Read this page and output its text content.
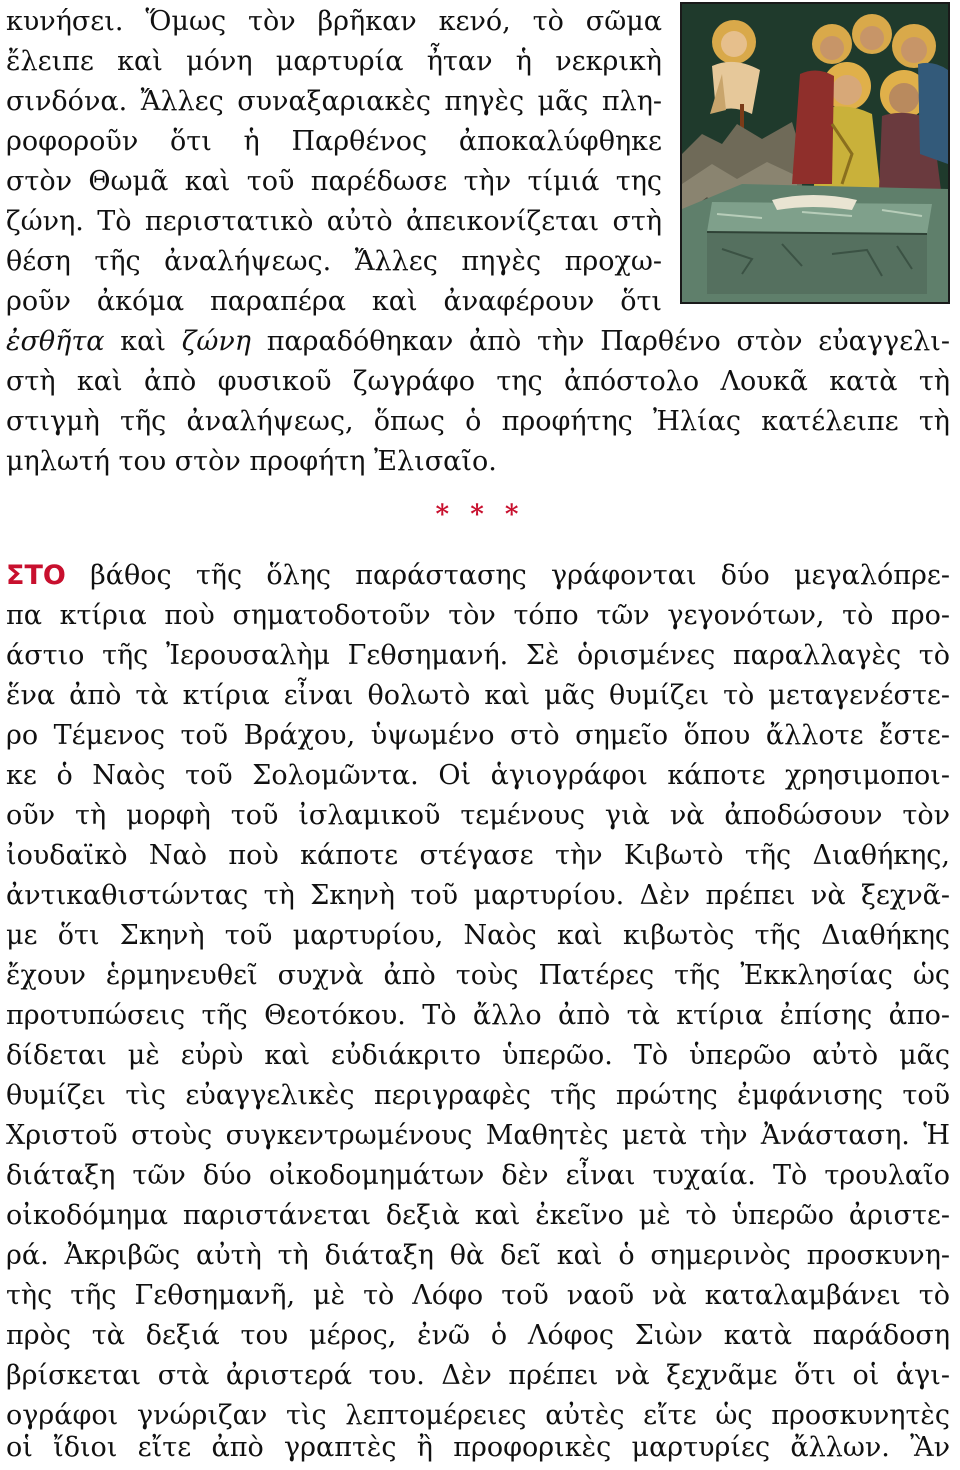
κυνήσει. Ὅμως τὸν βρῆκαν κενό, τὸ σῶμα

ἔλειπε καὶ μόνη μαρτυρία ἦταν ἡ νεκρικὴ

σινδόνα. Ἄλλες συναξαριακὲς πηγὲς μᾶς πλη-

ροφοροῦν ὅτι ἡ Παρθένος ἀποκαλύφθηκε

στὸν Θωμᾶ καὶ τοῦ παρέδωσε τὴν τίμιά της

ζώνη. Τὸ περιστατικὸ αὐτὸ ἀπεικονίζεται στὴ

θέση τῆς ἀναλήψεως. Ἄλλες πηγὲς προχω-

ροῦν ἀκόμα παραπέρα καὶ ἀναφέρουν ὅτι

ἐσθῆτα καὶ ζώνη παραδόθηκαν ἀπὸ τὴν Παρθένο στὸν εὐαγγελι-

στὴ καὶ ἀπὸ φυσικοῦ ζωγράφο της ἀπόστολο Λουκᾶ κατὰ τὴ

στιγμὴ τῆς ἀναλήψεως, ὅπως ὁ προφήτης Ἠλίας κατέλειπε τὴ

μηλωτή του στὸν προφήτη Ἐλισαῖο.

* * *

ΣΤΟ βάθος τῆς ὅλης παράστασης γράφονται δύο μεγαλόπρε-

πα κτίρια ποὺ σηματοδοτοῦν τὸν τόπο τῶν γεγονότων, τὸ προ-

άστιο τῆς Ἰερουσαλὴμ Γεθσημανή. Σὲ ὁρισμένες παραλλαγὲς τὸ

ἕνα ἀπὸ τὰ κτίρια εἶναι θολωτὸ καὶ μᾶς θυμίζει τὸ μεταγενέστε-

ρο Τέμενος τοῦ Βράχου, ὑψωμένο στὸ σημεῖο ὅπου ἄλλοτε ἔστε-

κε ὁ Ναὸς τοῦ Σολομῶντα. Οἱ ἁγιογράφοι κάποτε χρησιμοποι-

οῦν τὴ μορφὴ τοῦ ἰσλαμικοῦ τεμένους γιὰ νὰ ἀποδώσουν τὸν

ἰουδαϊκὸ Ναὸ ποὺ κάποτε στέγασε τὴν Κιβωτὸ τῆς Διαθήκης,

ἀντικαθιστώντας τὴ Σκηνὴ τοῦ μαρτυρίου. Δὲν πρέπει νὰ ξεχνᾶ-

με ὅτι Σκηνὴ τοῦ μαρτυρίου, Ναὸς καὶ κιβωτὸς τῆς Διαθήκης

ἔχουν ἑρμηνευθεῖ συχνὰ ἀπὸ τοὺς Πατέρες τῆς Ἐκκλησίας ὡς

προτυπώσεις τῆς Θεοτόκου. Τὸ ἄλλο ἀπὸ τὰ κτίρια ἐπίσης ἀπο-

δίδεται μὲ εὐρὺ καὶ εὐδιάκριτο ὑπερῶο. Τὸ ὑπερῶο αὐτὸ μᾶς

θυμίζει τὶς εὐαγγελικὲς περιγραφὲς τῆς πρώτης ἐμφάνισης τοῦ

Χριστοῦ στοὺς συγκεντρωμένους Μαθητὲς μετὰ τὴν Ἀνάσταση. Ἡ

διάταξη τῶν δύο οἰκοδομημάτων δὲν εἶναι τυχαία. Τὸ τρουλαῖο

οἰκοδόμημα παριστάνεται δεξιὰ καὶ ἐκεῖνο μὲ τὸ ὑπερῶο ἀριστε-

ρά. Ἀκριβῶς αὐτὴ τὴ διάταξη θὰ δεῖ καὶ ὁ σημερινὸς προσκυνη-

τὴς τῆς Γεθσημανῆ, μὲ τὸ Λόφο τοῦ ναοῦ νὰ καταλαμβάνει τὸ

πρὸς τὰ δεξιά του μέρος, ἐνῶ ὁ Λόφος Σιὼν κατὰ παράδοση

βρίσκεται στὰ ἀριστερά του. Δὲν πρέπει νὰ ξεχνᾶμε ὅτι οἱ ἁγι-

ογράφοι γνώριζαν τὶς λεπτομέρειες αὐτὲς εἴτε ὡς προσκυνητὲς

οἱ ἴδιοι εἴτε ἀπὸ γραπτὲς ἢ προφορικὲς μαρτυρίες ἄλλων. Ἂν
